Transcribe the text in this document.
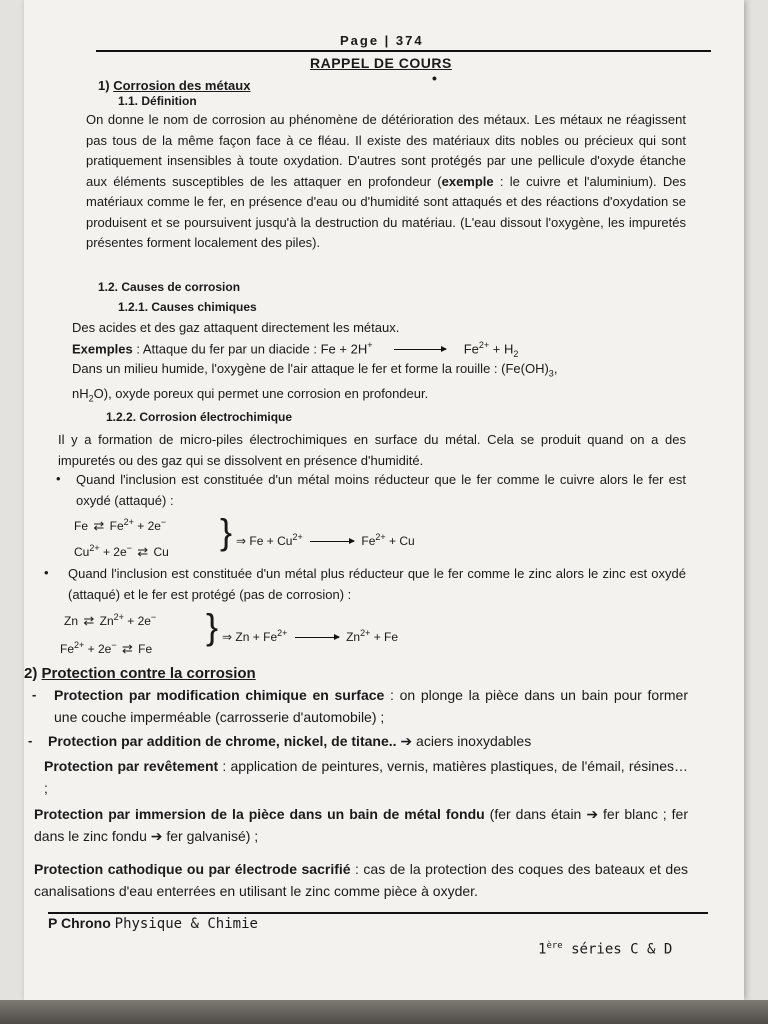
Page | 374
RAPPEL DE COURS
•
1) Corrosion des métaux
1.1. Définition
On donne le nom de corrosion au phénomène de détérioration des métaux. Les métaux ne réagissent pas tous de la même façon face à ce fléau. Il existe des matériaux dits nobles ou précieux qui sont pratiquement insensibles à toute oxydation. D'autres sont protégés par une pellicule d'oxyde étanche aux éléments susceptibles de les attaquer en profondeur (exemple : le cuivre et l'aluminium). Des matériaux comme le fer, en présence d'eau ou d'humidité sont attaqués et des réactions d'oxydation se produisent et se poursuivent jusqu'à la destruction du matériau. (L'eau dissout l'oxygène, les impuretés présentes forment localement des piles).
1.2. Causes de corrosion
1.2.1. Causes chimiques
Des acides et des gaz attaquent directement les métaux.
Exemples : Attaque du fer par un diacide : $Fe + 2H^+ \to Fe^{2+} + H_2$
Dans un milieu humide, l'oxygène de l'air attaque le fer et forme la rouille : ($Fe(OH)_3$,
$nH_2O$), oxyde poreux qui permet une corrosion en profondeur.
1.2.2. Corrosion électrochimique
Il y a formation de micro-piles électrochimiques en surface du métal. Cela se produit quand on a des impuretés ou des gaz qui se dissolvent en présence d'humidité.
• Quand l'inclusion est constituée d'un métal moins réducteur que le fer comme le cuivre alors le fer est oxydé (attaqué) :
Fe ⇄ $Fe^{2+} + 2e^-$
$Cu^{2+} + 2e^-$ ⇄ Cu } ⇒ $Fe + Cu^{2+} \to Fe^{2+} + Cu$
• Quand l'inclusion est constituée d'un métal plus réducteur que le fer comme le zinc alors le zinc est oxydé (attaqué) et le fer est protégé (pas de corrosion) :
Zn ⇄ $Zn^{2+} + 2e^-$
$Fe^{2+} + 2e^-$ ⇄ Fe
} ⇒ $Zn + Fe^{2+} \to Zn^{2+} + Fe$
2) Protection contre la corrosion
- Protection par modification chimique en surface : on plonge la pièce dans un bain pour former une couche imperméable (carrosserie d'automobile) ;
- Protection par addition de chrome, nickel, de titane.. ➔ aciers inoxydables
Protection par revêtement : application de peintures, vernis, matières plastiques, de l'émail, résines… ;
Protection par immersion de la pièce dans un bain de métal fondu (fer dans étain ➔ fer blanc ; fer dans le zinc fondu ➔ fer galvanisé) ;
Protection cathodique ou par électrode sacrifié : cas de la protection des coques des bateaux et des canalisations d'eau enterrées en utilisant le zinc comme pièce à oxyder.
P Chrono Physique & Chimie
1ère séries C & D
